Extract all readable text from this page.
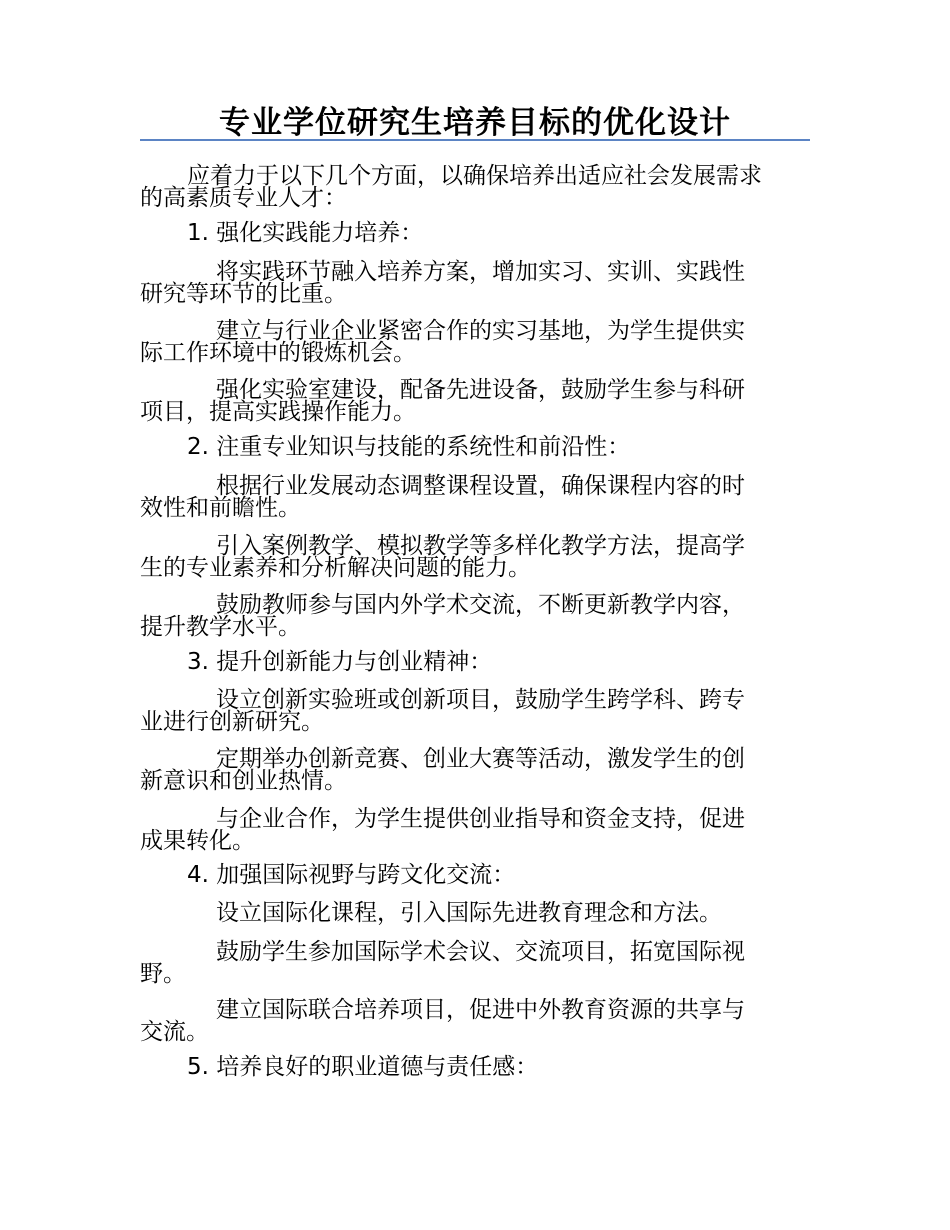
专业学位研究生培养目标的优化设计
应着力于以下几个方面，以确保培养出适应社会发展需求
的高素质专业人才：
1. 强化实践能力培养：
将实践环节融入培养方案，增加实习、实训、实践性
研究等环节的比重。
建立与行业企业紧密合作的实习基地，为学生提供实
际工作环境中的锻炼机会。
强化实验室建设，配备先进设备，鼓励学生参与科研
项目，提高实践操作能力。
2. 注重专业知识与技能的系统性和前沿性：
根据行业发展动态调整课程设置，确保课程内容的时
效性和前瞻性。
引入案例教学、模拟教学等多样化教学方法，提高学
生的专业素养和分析解决问题的能力。
鼓励教师参与国内外学术交流，不断更新教学内容，
提升教学水平。
3. 提升创新能力与创业精神：
设立创新实验班或创新项目，鼓励学生跨学科、跨专
业进行创新研究。
定期举办创新竞赛、创业大赛等活动，激发学生的创
新意识和创业热情。
与企业合作，为学生提供创业指导和资金支持，促进
成果转化。
4. 加强国际视野与跨文化交流：
设立国际化课程，引入国际先进教育理念和方法。
鼓励学生参加国际学术会议、交流项目，拓宽国际视
野。
建立国际联合培养项目，促进中外教育资源的共享与
交流。
5. 培养良好的职业道德与责任感：
